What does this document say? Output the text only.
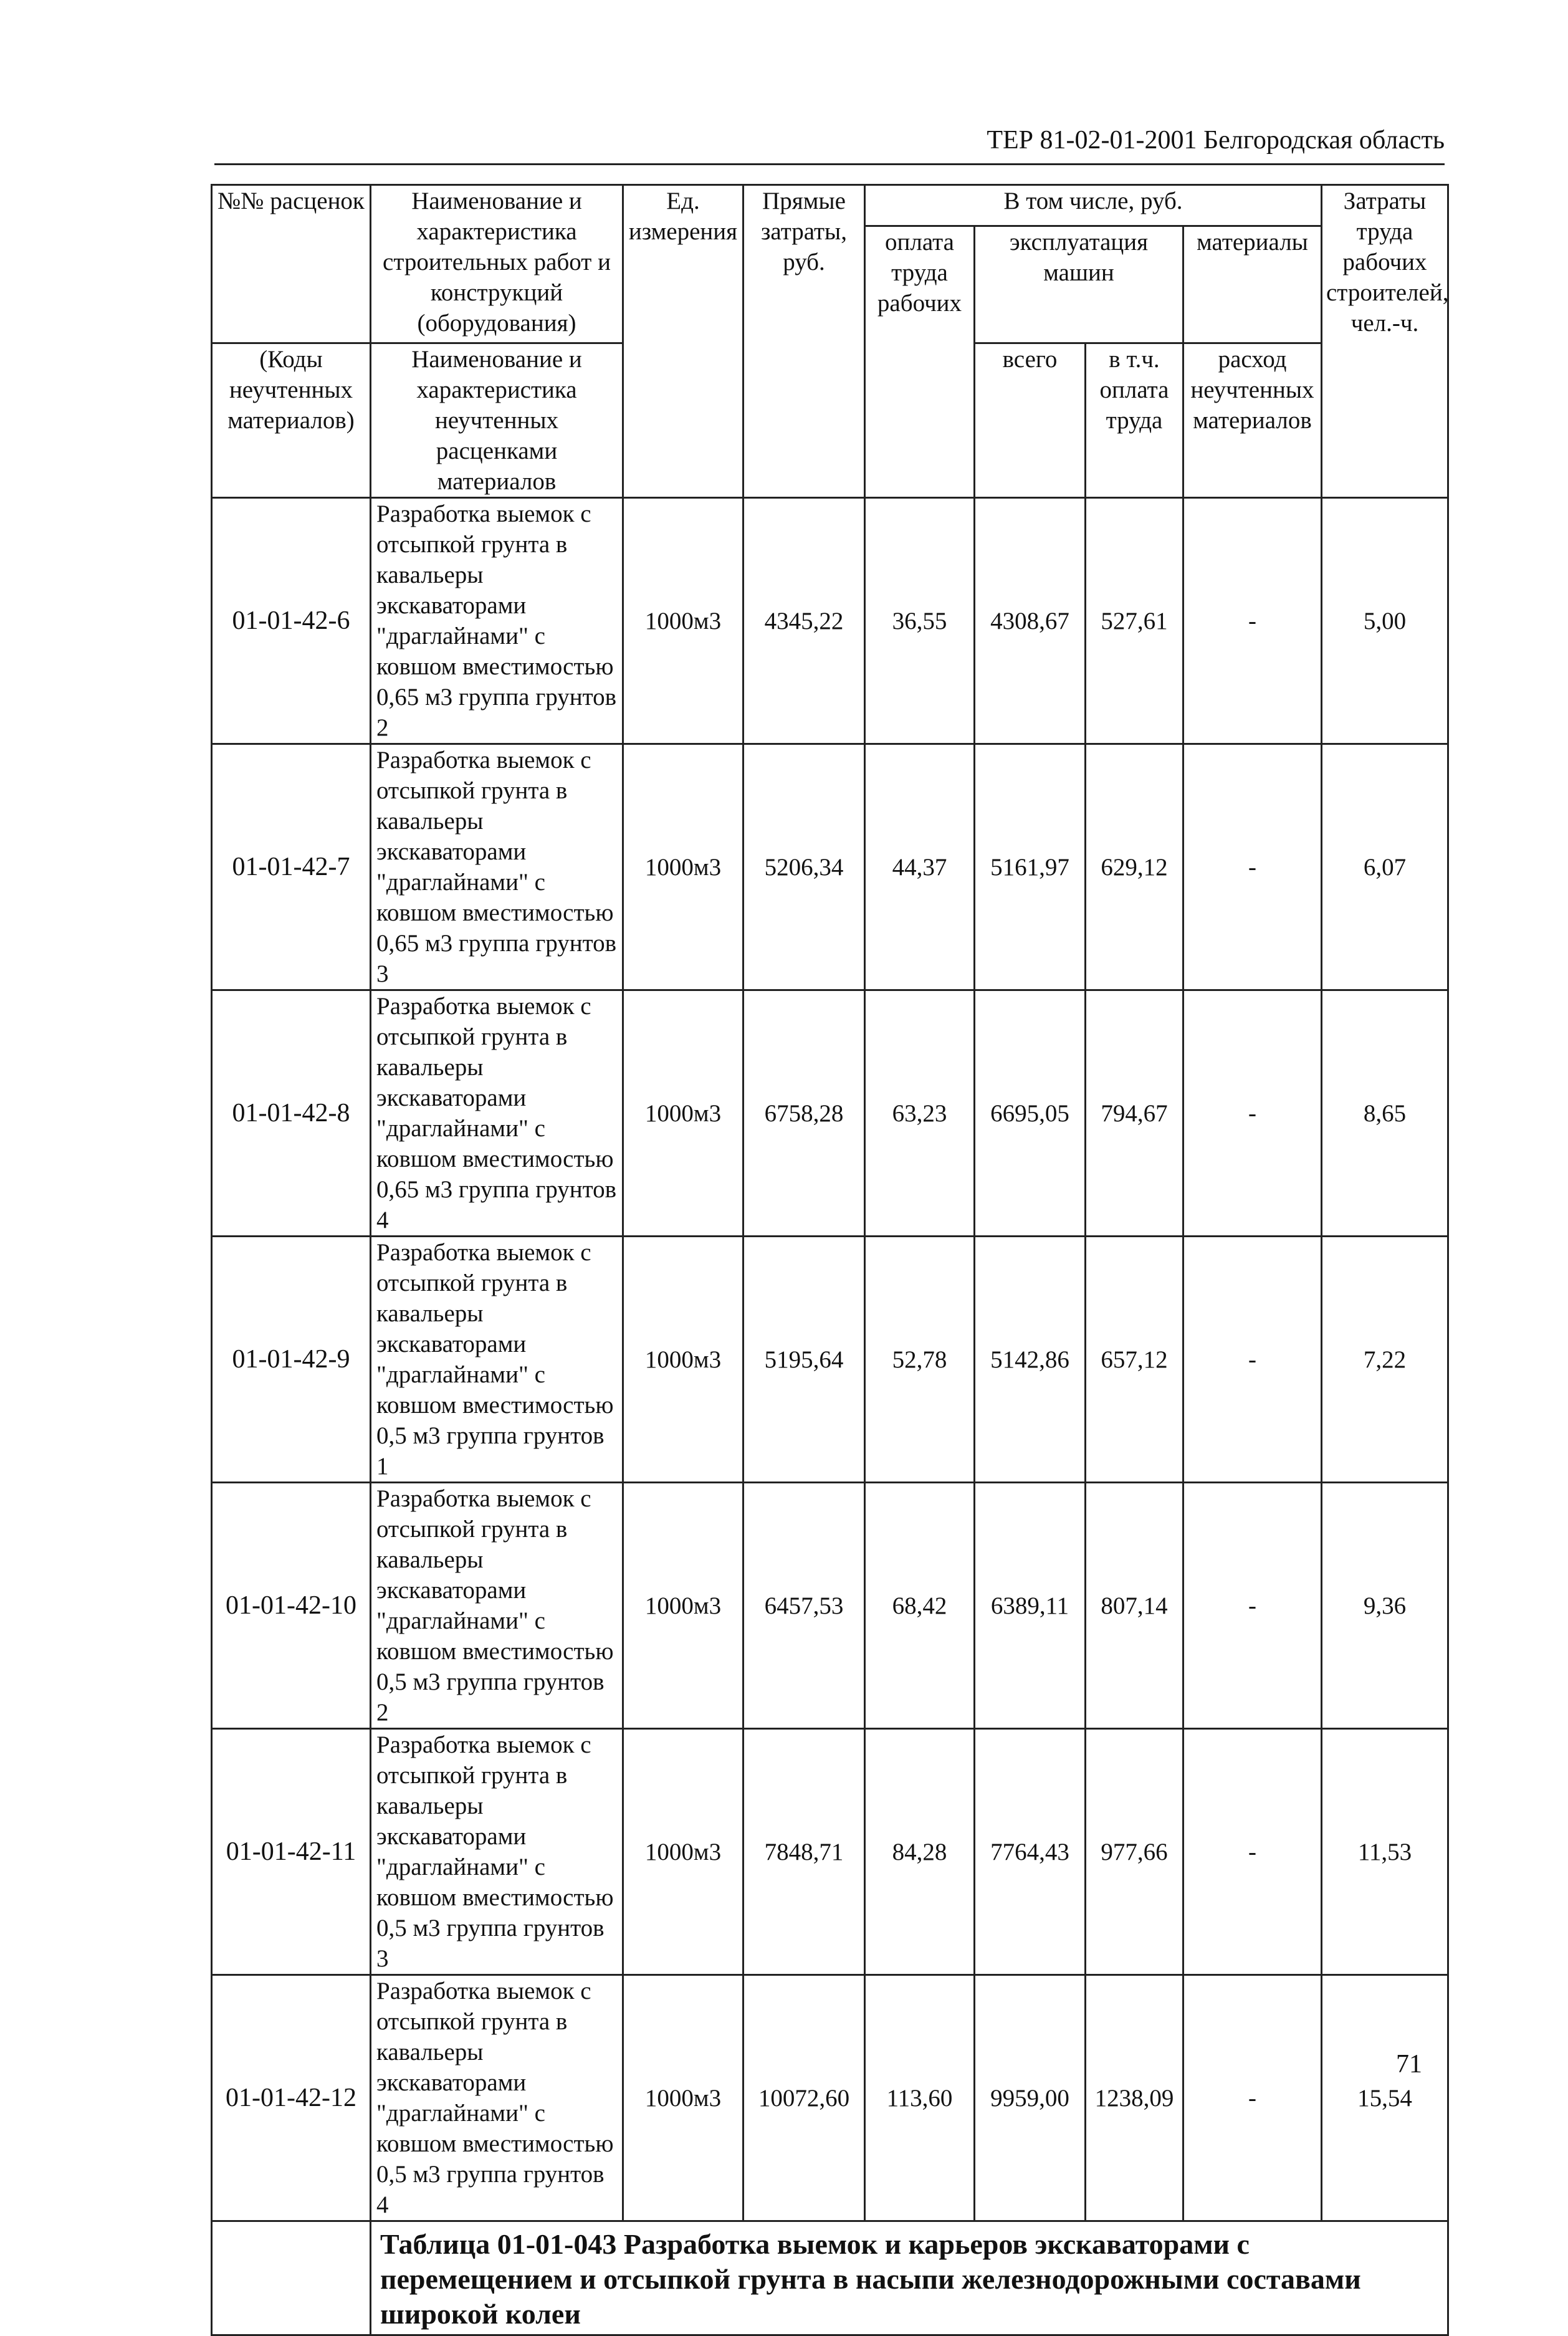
ТЕР 81-02-01-2001 Белгородская область
№№ расценок	Наименование и характеристика строительных работ и конструкций (оборудования)	Ед. измерения	Прямые затраты, руб.	В том числе, руб.				Затраты труда рабочих строителей, чел.-ч.
				оплата труда рабочих	эксплуатация машин		материалы	

(Коды неучтенных материалов)	Наименование и характеристика неучтенных расценками материалов				всего	в т.ч. оплата труда	расход неучтенных материалов	

01-01-42-6	Разработка выемок с отсыпкой грунта в кавальеры экскаваторами "драглайнами" с ковшом вместимостью 0,65 м3 группа грунтов 2	1000м3	4345,22	36,55	4308,67	527,61	-	5,00
01-01-42-7	Разработка выемок с отсыпкой грунта в кавальеры экскаваторами "драглайнами" с ковшом вместимостью 0,65 м3 группа грунтов 3	1000м3	5206,34	44,37	5161,97	629,12	-	6,07
01-01-42-8	Разработка выемок с отсыпкой грунта в кавальеры экскаваторами "драглайнами" с ковшом вместимостью 0,65 м3 группа грунтов 4	1000м3	6758,28	63,23	6695,05	794,67	-	8,65
01-01-42-9	Разработка выемок с отсыпкой грунта в кавальеры экскаваторами "драглайнами" с ковшом вместимостью 0,5 м3 группа грунтов 1	1000м3	5195,64	52,78	5142,86	657,12	-	7,22
01-01-42-10	Разработка выемок с отсыпкой грунта в кавальеры экскаваторами "драглайнами" с ковшом вместимостью 0,5 м3 группа грунтов 2	1000м3	6457,53	68,42	6389,11	807,14	-	9,36
01-01-42-11	Разработка выемок с отсыпкой грунта в кавальеры экскаваторами "драглайнами" с ковшом вместимостью 0,5 м3 группа грунтов 3	1000м3	7848,71	84,28	7764,43	977,66	-	11,53
01-01-42-12	Разработка выемок с отсыпкой грунта в кавальеры экскаваторами "драглайнами" с ковшом вместимостью 0,5 м3 группа грунтов 4	1000м3	10072,60	113,60	9959,00	1238,09	-	15,54
	Таблица 01-01-043 Разработка выемок и карьеров экскаваторами с перемещением и отсыпкой грунта в насыпи железнодорожными составами широкой колеи							
71
